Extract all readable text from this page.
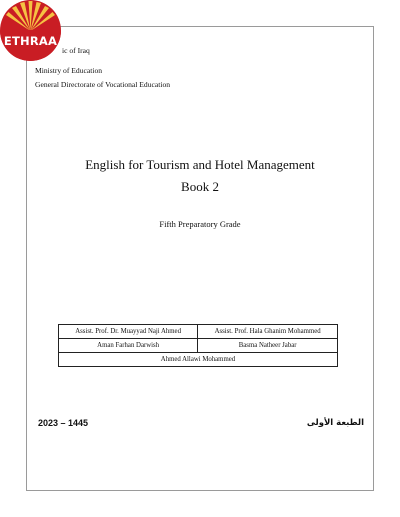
ETHRAA
ic of Iraq
Ministry of Education
General Directorate of Vocational Education
English for Tourism and Hotel Management
Book 2
Fifth Preparatory Grade
Assist. Prof. Dr. Muayyad Naji Ahmed	Assist. Prof. Hala Ghanim Mohammed
Aman Farhan Darwish	Basma Natheer Jabar
Ahmed Allawi Mohammed	
2023 – 1445	الطبعة الأولى
